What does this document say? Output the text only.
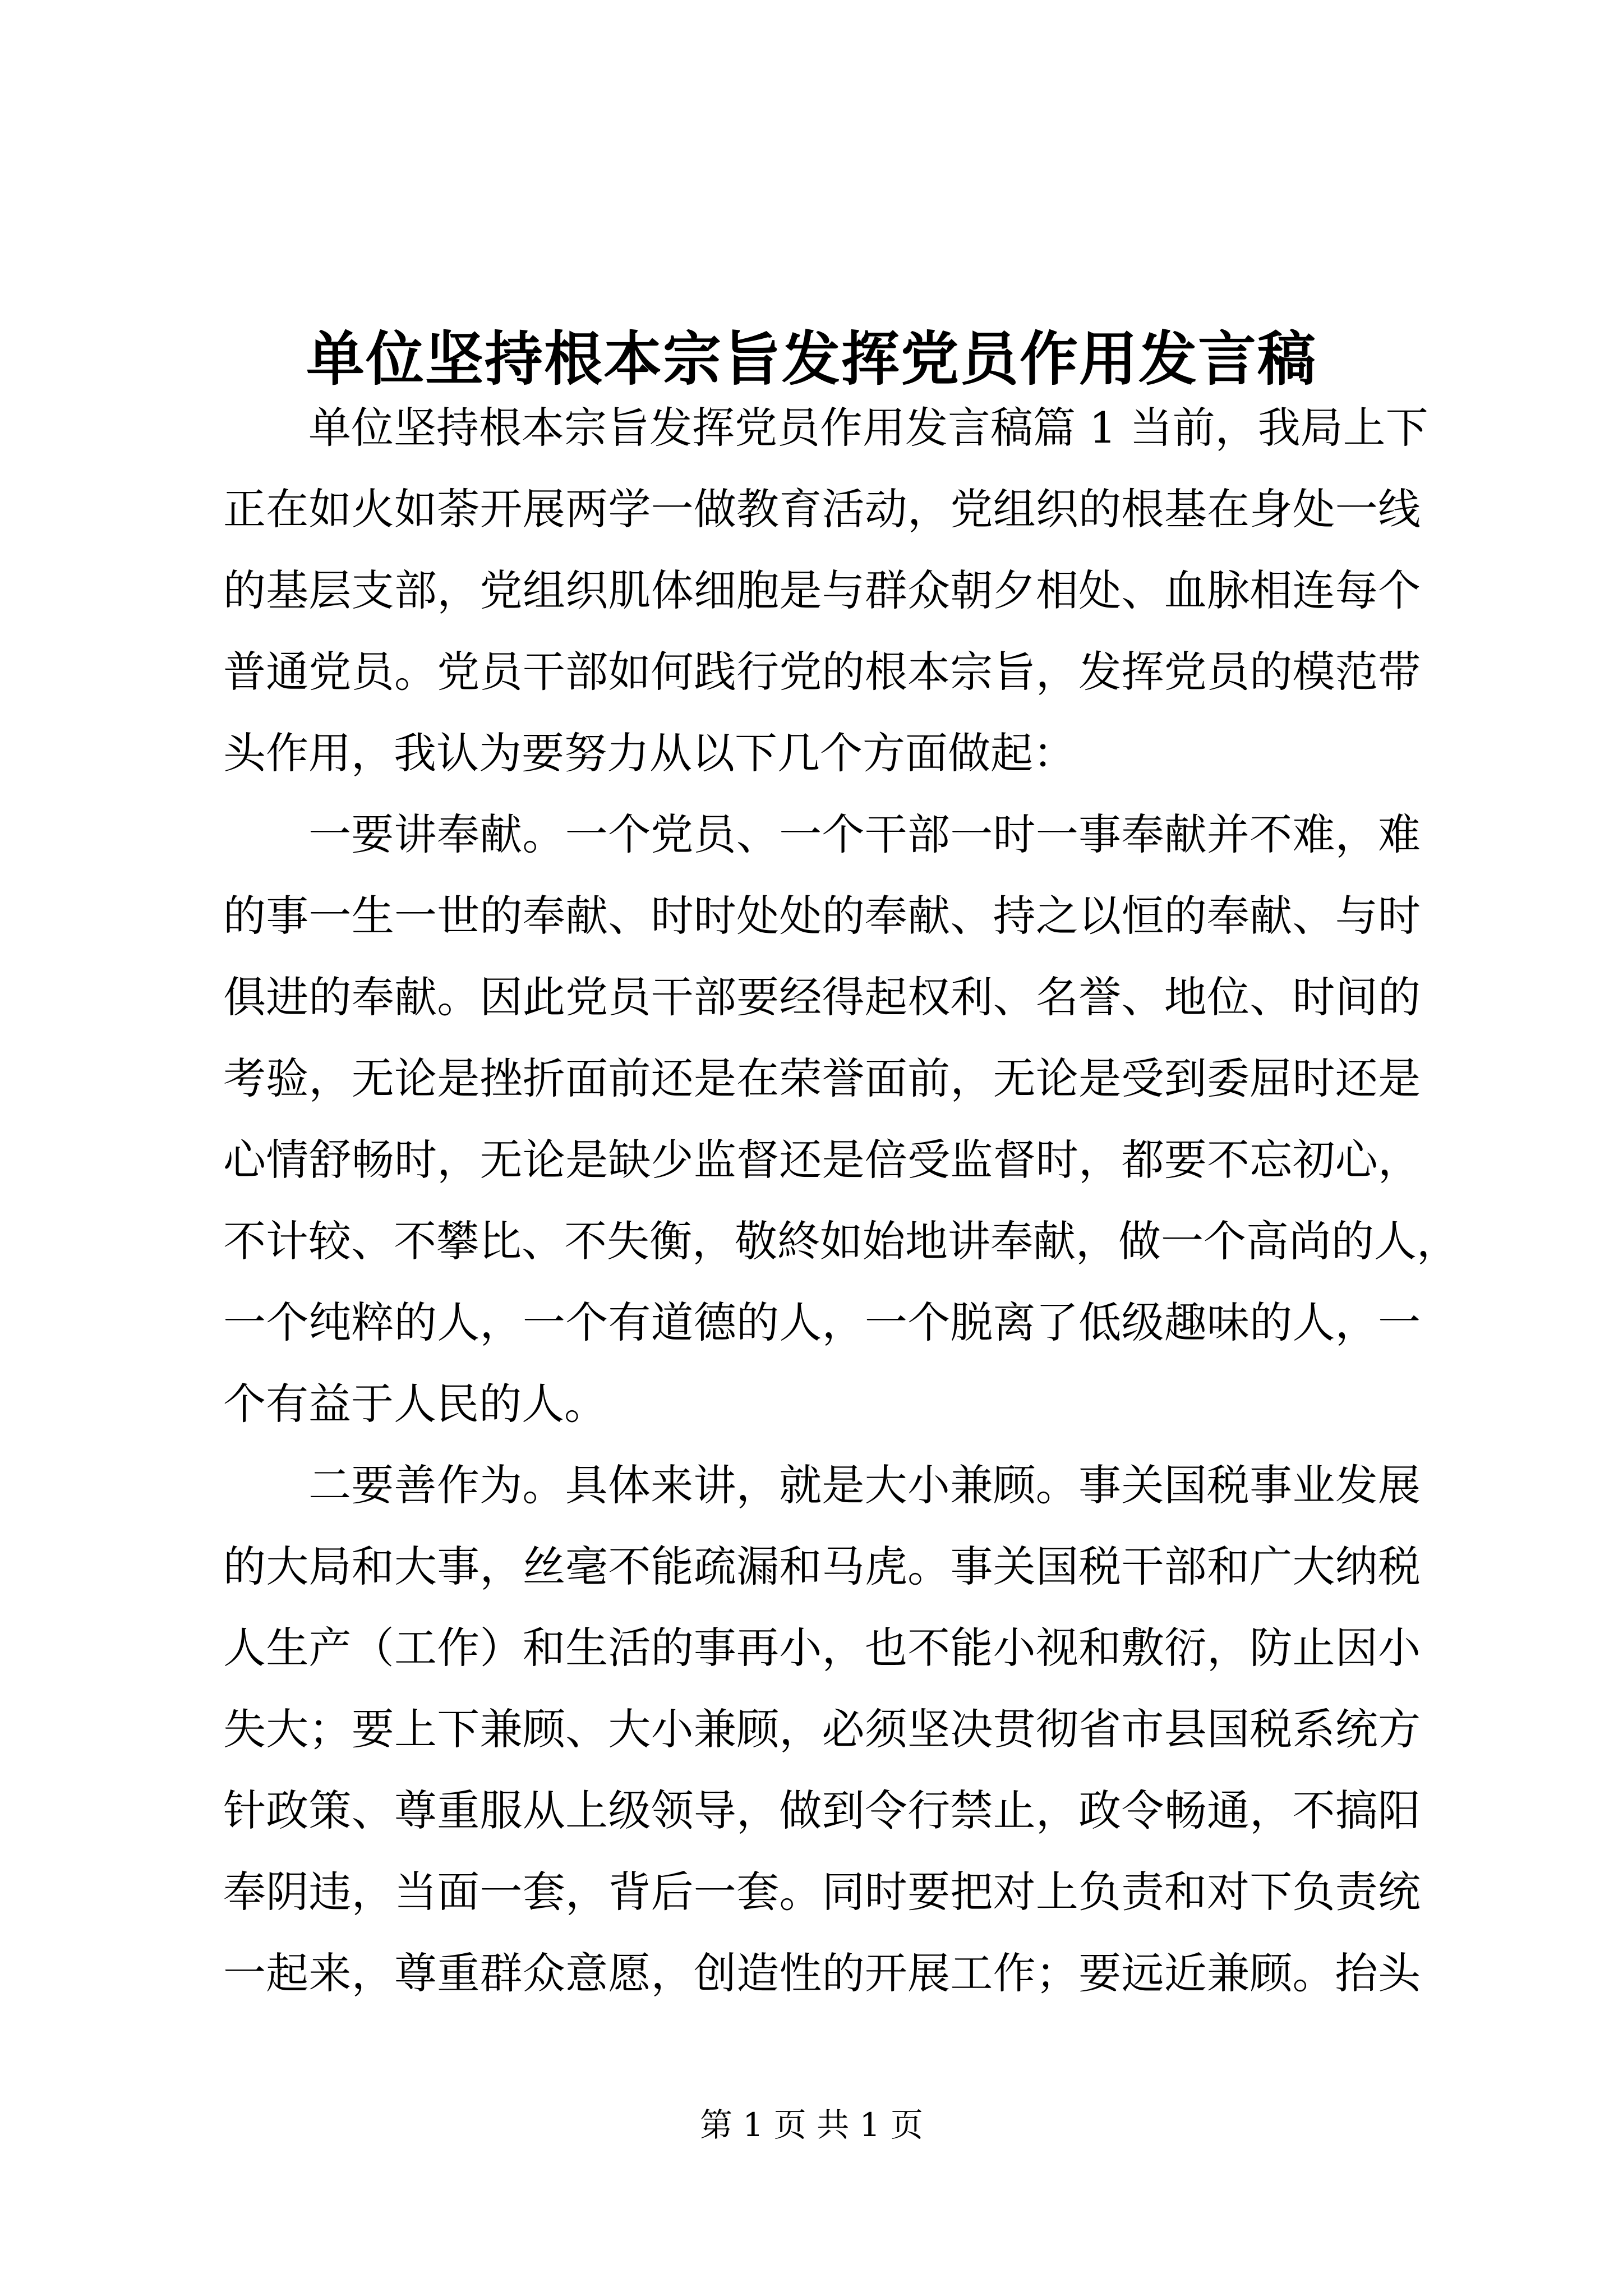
单位坚持根本宗旨发挥党员作用发言稿
单位坚持根本宗旨发挥党员作用发言稿篇 1 当前，我局上下
正在如火如荼开展两学一做教育活动，党组织的根基在身处一线
的基层支部，党组织肌体细胞是与群众朝夕相处、血脉相连每个
普通党员。党员干部如何践行党的根本宗旨，发挥党员的模范带
头作用，我认为要努力从以下几个方面做起：
一要讲奉献。一个党员、一个干部一时一事奉献并不难，难
的事一生一世的奉献、时时处处的奉献、持之以恒的奉献、与时
俱进的奉献。因此党员干部要经得起权利、名誉、地位、时间的
考验，无论是挫折面前还是在荣誉面前，无论是受到委屈时还是
心情舒畅时，无论是缺少监督还是倍受监督时，都要不忘初心，
不计较、不攀比、不失衡，敬終如始地讲奉献，做一个高尚的人，
一个纯粹的人，一个有道德的人，一个脱离了低级趣味的人，一
个有益于人民的人。
二要善作为。具体来讲，就是大小兼顾。事关国税事业发展
的大局和大事，丝毫不能疏漏和马虎。事关国税干部和广大纳税
人生产（工作）和生活的事再小，也不能小视和敷衍，防止因小
失大；要上下兼顾、大小兼顾，必须坚决贯彻省市县国税系统方
针政策、尊重服从上级领导，做到令行禁止，政令畅通，不搞阳
奉阴违，当面一套，背后一套。同时要把对上负责和对下负责统
一起来，尊重群众意愿，创造性的开展工作；要远近兼顾。抬头
第 1 页 共 1 页
